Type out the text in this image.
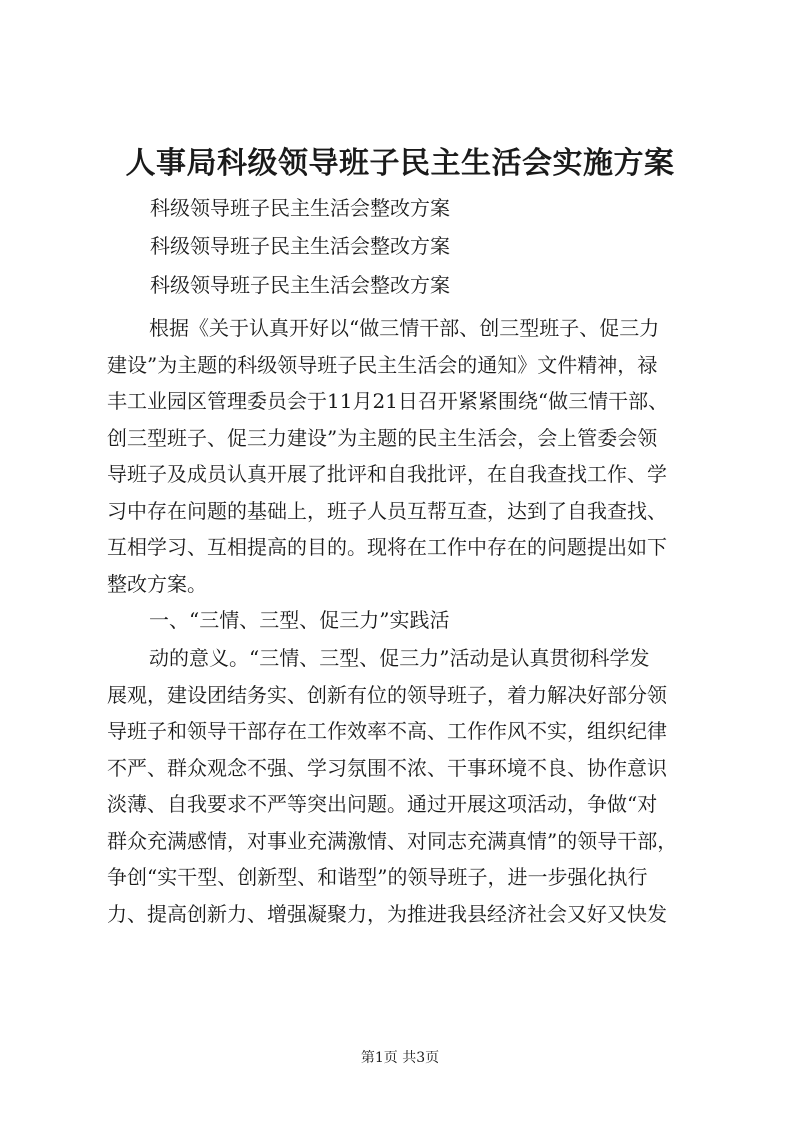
人事局科级领导班子民主生活会实施方案

科级领导班子民主生活会整改方案

科级领导班子民主生活会整改方案

科级领导班子民主生活会整改方案

根据《关于认真开好以“做三情干部、创三型班子、促三力
建设”为主题的科级领导班子民主生活会的通知》文件精神，禄
丰工业园区管理委员会于11月21日召开紧紧围绕“做三情干部、
创三型班子、促三力建设”为主题的民主生活会，会上管委会领
导班子及成员认真开展了批评和自我批评，在自我查找工作、学
习中存在问题的基础上，班子人员互帮互查，达到了自我查找、
互相学习、互相提高的目的。现将在工作中存在的问题提出如下
整改方案。
一、“三情、三型、促三力”实践活
动的意义。“三情、三型、促三力”活动是认真贯彻科学发
展观，建设团结务实、创新有位的领导班子，着力解决好部分领
导班子和领导干部存在工作效率不高、工作作风不实，组织纪律
不严、群众观念不强、学习氛围不浓、干事环境不良、协作意识
淡薄、自我要求不严等突出问题。通过开展这项活动，争做“对
群众充满感情，对事业充满激情、对同志充满真情”的领导干部，
争创“实干型、创新型、和谐型”的领导班子，进一步强化执行
力、提高创新力、增强凝聚力，为推进我县经济社会又好又快发

第1页 共3页
